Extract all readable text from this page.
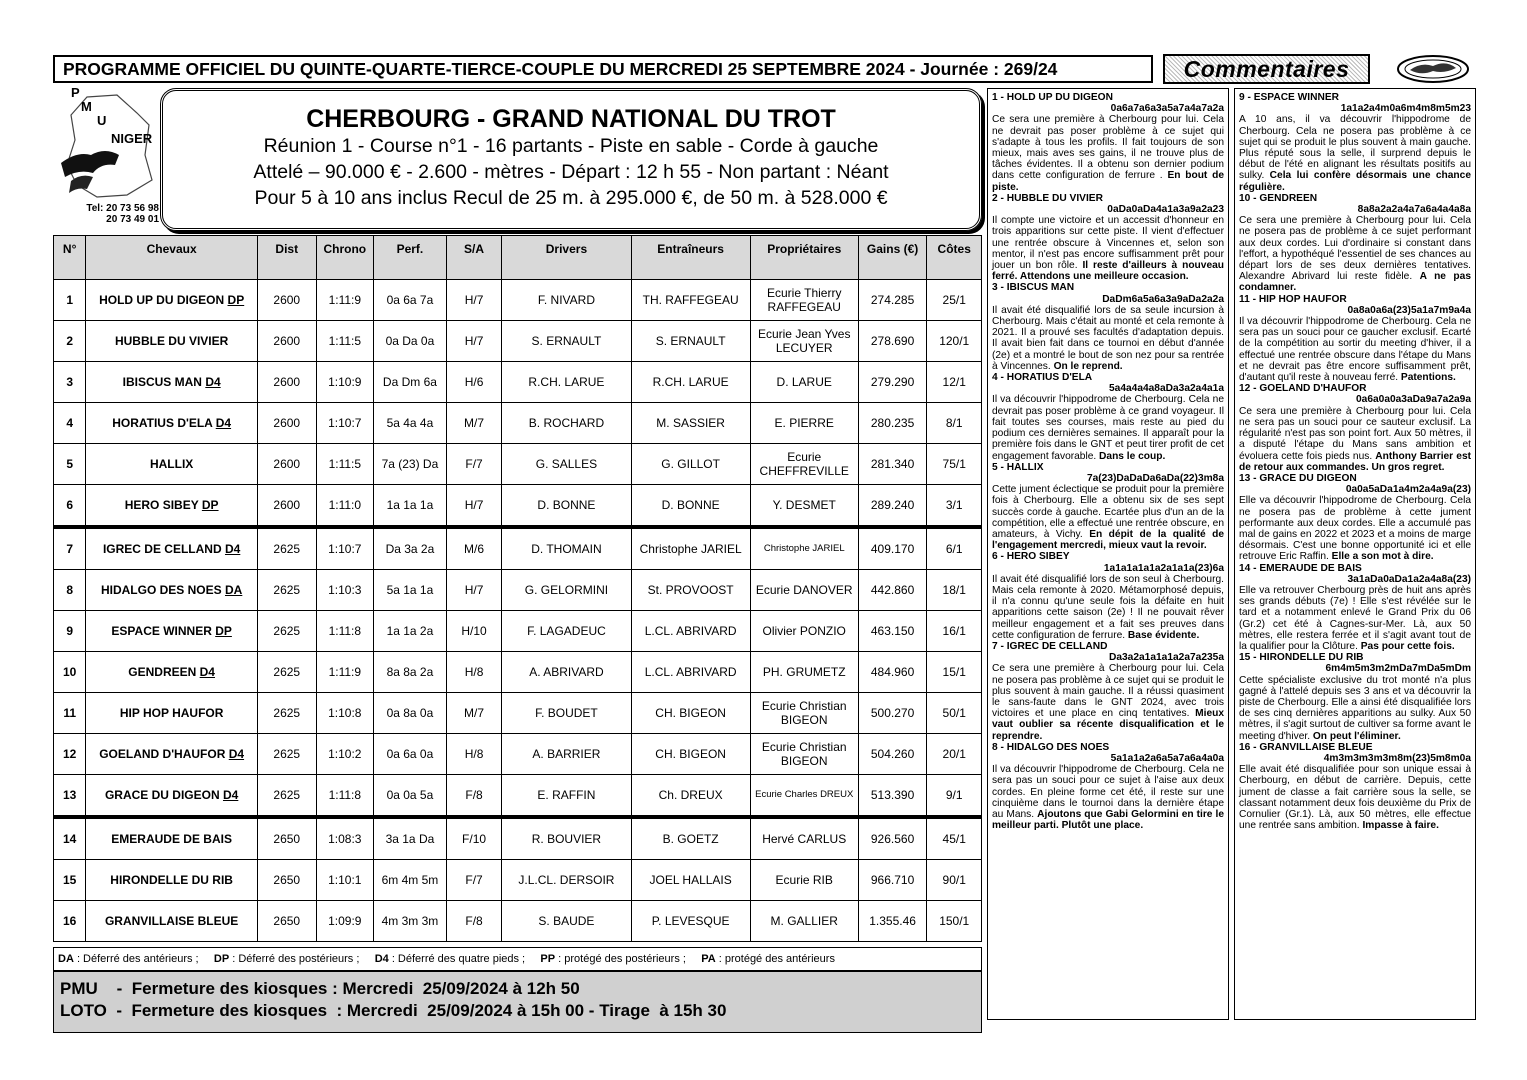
PROGRAMME OFFICIEL DU QUINTE-QUARTE-TIERCE-COUPLE DU MERCREDI 25 SEPTEMBRE 2024 - Journée : 269/24	Commentaires
P
M
U
NIGER
Tel: 20 73 56 98
20 73 49 01
CHERBOURG - GRAND NATIONAL DU TROT
Réunion 1 - Course n°1 - 16 partants - Piste en sable - Corde à gauche
Attelé – 90.000 € - 2.600 - mètres - Départ : 12 h 55 - Non partant : Néant
Pour 5 à 10 ans inclus Recul de 25 m. à 295.000 €, de 50 m. à 528.000 €
N°	Chevaux	Dist	Chrono	Perf.	S/A	Drivers	Entraîneurs	Propriétaires	Gains (€)	Côtes
1	HOLD UP DU DIGEON DP	2600	1:11:9	0a 6a 7a	H/7	F. NIVARD	TH. RAFFEGEAU	Ecurie Thierry RAFFEGEAU	274.285	25/1
2	HUBBLE DU VIVIER	2600	1:11:5	0a Da 0a	H/7	S. ERNAULT	S. ERNAULT	Ecurie Jean Yves LECUYER	278.690	120/1
3	IBISCUS MAN D4	2600	1:10:9	Da Dm 6a	H/6	R.CH. LARUE	R.CH. LARUE	D. LARUE	279.290	12/1
4	HORATIUS D'ELA D4	2600	1:10:7	5a 4a 4a	M/7	B. ROCHARD	M. SASSIER	E. PIERRE	280.235	8/1
5	HALLIX	2600	1:11:5	7a (23) Da	F/7	G. SALLES	G. GILLOT	Ecurie CHEFFREVILLE	281.340	75/1
6	HERO SIBEY DP	2600	1:11:0	1a 1a 1a	H/7	D. BONNE	D. BONNE	Y. DESMET	289.240	3/1
7	IGREC DE CELLAND D4	2625	1:10:7	Da 3a 2a	M/6	D. THOMAIN	Christophe JARIEL	Christophe JARIEL	409.170	6/1
8	HIDALGO DES NOES DA	2625	1:10:3	5a 1a 1a	H/7	G. GELORMINI	St. PROVOOST	Ecurie DANOVER	442.860	18/1
9	ESPACE WINNER DP	2625	1:11:8	1a 1a 2a	H/10	F. LAGADEUC	L.CL. ABRIVARD	Olivier PONZIO	463.150	16/1
10	GENDREEN D4	2625	1:11:9	8a 8a 2a	H/8	A. ABRIVARD	L.CL. ABRIVARD	PH. GRUMETZ	484.960	15/1
11	HIP HOP HAUFOR	2625	1:10:8	0a 8a 0a	M/7	F. BOUDET	CH. BIGEON	Ecurie Christian BIGEON	500.270	50/1
12	GOELAND D'HAUFOR D4	2625	1:10:2	0a 6a 0a	H/8	A. BARRIER	CH. BIGEON	Ecurie Christian BIGEON	504.260	20/1
13	GRACE DU DIGEON D4	2625	1:11:8	0a 0a 5a	F/8	E. RAFFIN	Ch. DREUX	Ecurie Charles DREUX	513.390	9/1
14	EMERAUDE DE BAIS	2650	1:08:3	3a 1a Da	F/10	R. BOUVIER	B. GOETZ	Hervé CARLUS	926.560	45/1
15	HIRONDELLE DU RIB	2650	1:10:1	6m 4m 5m	F/7	J.L.CL. DERSOIR	JOEL HALLAIS	Ecurie RIB	966.710	90/1
16	GRANVILLAISE BLEUE	2650	1:09:9	4m 3m 3m	F/8	S. BAUDE	P. LEVESQUE	M. GALLIER	1.355.46	150/1
DA : Déferré des antérieurs ; DP : Déferré des postérieurs ; D4 : Déferré des quatre pieds ; PP : protégé des postérieurs ; PA : protégé des antérieurs
PMU    -  Fermeture des kiosques : Mercredi  25/09/2024 à 12h 50
LOTO  -  Fermeture des kiosques  : Mercredi  25/09/2024 à 15h 00 - Tirage  à 15h 30
1 - HOLD UP DU DIGEON
0a6a7a6a3a5a7a4a7a2a
Ce sera une première à Cherbourg pour lui. Cela ne devrait pas poser problème à ce sujet qui s'adapte à tous les profils. Il fait toujours de son mieux, mais aves ses gains, il ne trouve plus de tâches évidentes. Il a obtenu son dernier podium dans cette configuration de ferrure . En bout de piste.
2 - HUBBLE DU VIVIER
0aDa0aDa4a1a3a9a2a23
Il compte une victoire et un accessit d'honneur en trois apparitions sur cette piste. Il vient d'effectuer une rentrée obscure à Vincennes et, selon son mentor, il n'est pas encore suffisamment prêt pour jouer un bon rôle. Il reste d'ailleurs à nouveau ferré. Attendons une meilleure occasion.
3 - IBISCUS MAN
DaDm6a5a6a3a9aDa2a2a
Il avait été disqualifié lors de sa seule incursion à Cherbourg. Mais c'était au monté et cela remonte à 2021. Il a prouvé ses facultés d'adaptation depuis. Il avait bien fait dans ce tournoi en début d'année (2e) et a montré le bout de son nez pour sa rentrée à Vincennes. On le reprend.
4 - HORATIUS D'ELA
5a4a4a4a8aDa3a2a4a1a
Il va découvrir l'hippodrome de Cherbourg. Cela ne devrait pas poser problème à ce grand voyageur. Il fait toutes ses courses, mais reste au pied du podium ces dernières semaines. Il apparaît pour la première fois dans le GNT et peut tirer profit de cet engagement favorable. Dans le coup.
5 - HALLIX
7a(23)DaDaDa6aDa(22)3m8a
Cette jument éclectique se produit pour la première fois à Cherbourg. Elle a obtenu six de ses sept succès corde à gauche. Ecartée plus d'un an de la compétition, elle a effectué une rentrée obscure, en amateurs, à Vichy. En dépit de la qualité de l'engagement mercredi, mieux vaut la revoir.
6 - HERO SIBEY
1a1a1a1a1a2a1a1a(23)6a
Il avait été disqualifié lors de son seul à Cherbourg. Mais cela remonte à 2020. Métamorphosé depuis, il n'a connu qu'une seule fois la défaite en huit apparitions cette saison (2e) ! Il ne pouvait rêver meilleur engagement et a fait ses preuves dans cette configuration de ferrure. Base évidente.
7 - IGREC DE CELLAND
Da3a2a1a1a1a2a7a235a
Ce sera une première à Cherbourg pour lui. Cela ne posera pas problème à ce sujet qui se produit le plus souvent à main gauche. Il a réussi quasiment le sans-faute dans le GNT 2024, avec trois victoires et une place en cinq tentatives. Mieux vaut oublier sa récente disqualification et le reprendre.
8 - HIDALGO DES NOES
5a1a1a2a6a5a7a6a4a0a
Il va découvrir l'hippodrome de Cherbourg. Cela ne sera pas un souci pour ce sujet à l'aise aux deux cordes. En pleine forme cet été, il reste sur une cinquième dans le tournoi dans la dernière étape au Mans. Ajoutons que Gabi Gelormini en tire le meilleur parti. Plutôt une place.
9 - ESPACE WINNER
1a1a2a4m0a6m4m8m5m23
A 10 ans, il va découvrir l'hippodrome de Cherbourg. Cela ne posera pas problème à ce sujet qui se produit le plus souvent à main gauche. Plus réputé sous la selle, il surprend depuis le début de l'été en alignant les résultats positifs au sulky. Cela lui confère désormais une chance régulière.
10 - GENDREEN
8a8a2a2a4a7a6a4a4a8a
Ce sera une première à Cherbourg pour lui. Cela ne posera pas de problème à ce sujet performant aux deux cordes. Lui d'ordinaire si constant dans l'effort, a hypothéqué l'essentiel de ses chances au départ lors de ses deux dernières tentatives. Alexandre Abrivard lui reste fidèle. A ne pas condamner.
11 - HIP HOP HAUFOR
0a8a0a6a(23)5a1a7m9a4a
Il va découvrir l'hippodrome de Cherbourg. Cela ne sera pas un souci pour ce gaucher exclusif. Ecarté de la compétition au sortir du meeting d'hiver, il a effectué une rentrée obscure dans l'étape du Mans et ne devrait pas être encore suffisamment prêt, d'autant qu'il reste à nouveau ferré. Patentions.
12 - GOELAND D'HAUFOR
0a6a0a0a3aDa9a7a2a9a
Ce sera une première à Cherbourg pour lui. Cela ne sera pas un souci pour ce sauteur exclusif. La régularité n'est pas son point fort. Aux 50 mètres, il a disputé l'étape du Mans sans ambition et évoluera cette fois pieds nus. Anthony Barrier est de retour aux commandes. Un gros regret.
13 - GRACE DU DIGEON
0a0a5aDa1a4m2a4a9a(23)
Elle va découvrir l'hippodrome de Cherbourg. Cela ne posera pas de problème à cette jument performante aux deux cordes. Elle a accumulé pas mal de gains en 2022 et 2023 et a moins de marge désormais. C'est une bonne opportunité ici et elle retrouve Eric Raffin. Elle a son mot à dire.
14 - EMERAUDE DE BAIS
3a1aDa0aDa1a2a4a8a(23)
Elle va retrouver Cherbourg près de huit ans après ses grands débuts (7e) ! Elle s'est révélée sur le tard et a notamment enlevé le Grand Prix du 06 (Gr.2) cet été à Cagnes-sur-Mer. Là, aux 50 mètres, elle restera ferrée et il s'agit avant tout de la qualifier pour la Clôture. Pas pour cette fois.
15 - HIRONDELLE DU RIB
6m4m5m3m2mDa7mDa5mDm
Cette spécialiste exclusive du trot monté n'a plus gagné à l'attelé depuis ses 3 ans et va découvrir la piste de Cherbourg. Elle a ainsi été disqualifiée lors de ses cinq dernières apparitions au sulky. Aux 50 mètres, il s'agit surtout de cultiver sa forme avant le meeting d'hiver. On peut l'éliminer.
16 - GRANVILLAISE BLEUE
4m3m3m3m3m8m(23)5m8m0a
Elle avait été disqualifiée pour son unique essai à Cherbourg, en début de carrière. Depuis, cette jument de classe a fait carrière sous la selle, se classant notamment deux fois deuxième du Prix de Cornulier (Gr.1). Là, aux 50 mètres, elle effectue une rentrée sans ambition. Impasse à faire.
